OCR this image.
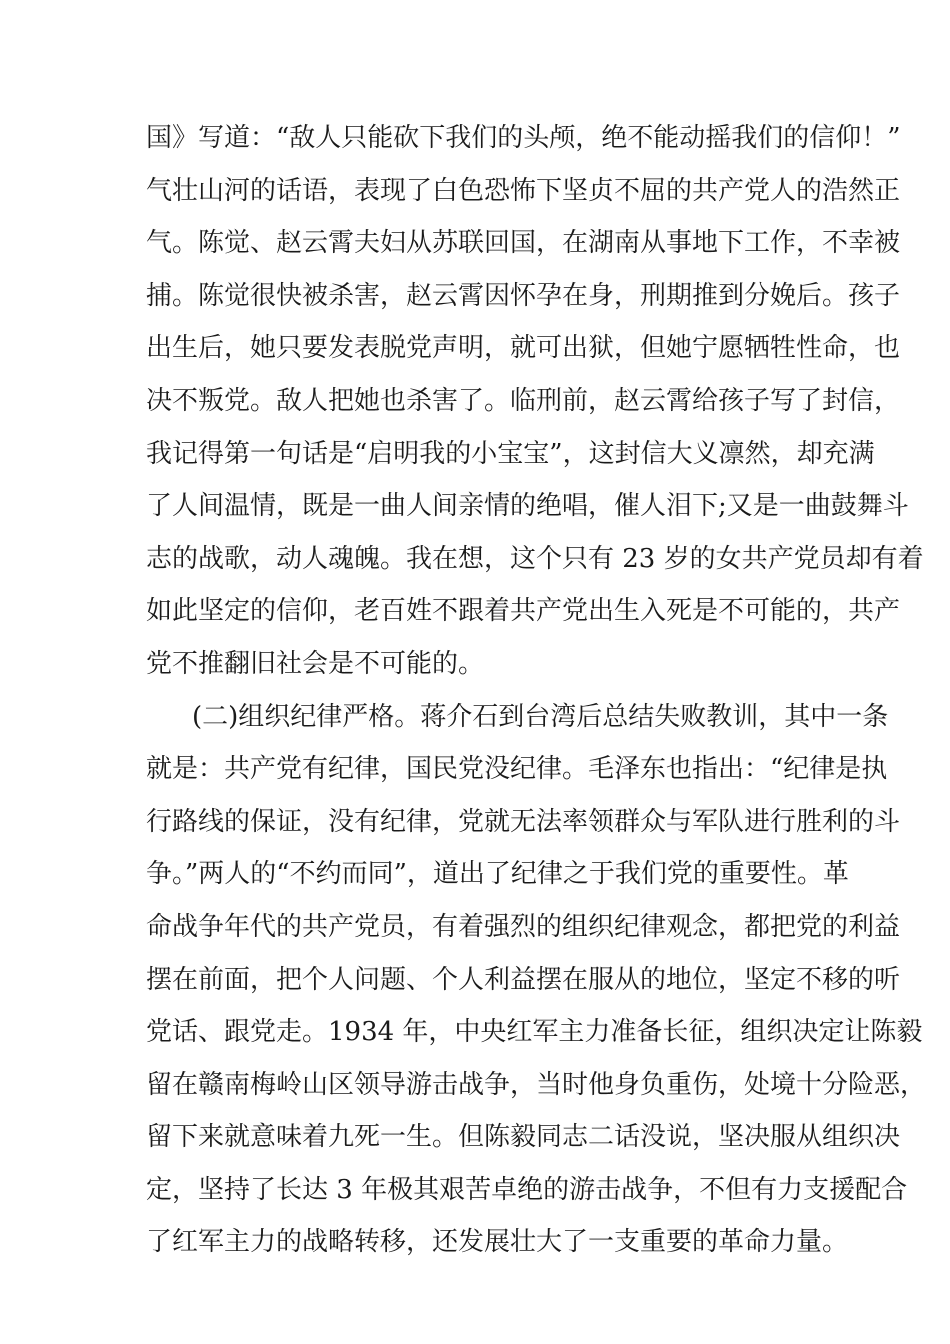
国》写道：“敌人只能砍下我们的头颅，绝不能动摇我们的信仰！”
气壮山河的话语，表现了白色恐怖下坚贞不屈的共产党人的浩然正
气。陈觉、赵云霄夫妇从苏联回国，在湖南从事地下工作，不幸被
捕。陈觉很快被杀害，赵云霄因怀孕在身，刑期推到分娩后。孩子
出生后，她只要发表脱党声明，就可出狱，但她宁愿牺牲性命，也
决不叛党。敌人把她也杀害了。临刑前，赵云霄给孩子写了封信，
我记得第一句话是“启明我的小宝宝”，这封信大义凛然，却充满
了人间温情，既是一曲人间亲情的绝唱，催人泪下;又是一曲鼓舞斗
志的战歌，动人魂魄。我在想，这个只有 23 岁的女共产党员却有着
如此坚定的信仰，老百姓不跟着共产党出生入死是不可能的，共产
党不推翻旧社会是不可能的。
(二)组织纪律严格。蒋介石到台湾后总结失败教训，其中一条
就是：共产党有纪律，国民党没纪律。毛泽东也指出：“纪律是执
行路线的保证，没有纪律，党就无法率领群众与军队进行胜利的斗
争。”两人的“不约而同”，道出了纪律之于我们党的重要性。革
命战争年代的共产党员，有着强烈的组织纪律观念，都把党的利益
摆在前面，把个人问题、个人利益摆在服从的地位，坚定不移的听
党话、跟党走。1934 年，中央红军主力准备长征，组织决定让陈毅
留在赣南梅岭山区领导游击战争，当时他身负重伤，处境十分险恶，
留下来就意味着九死一生。但陈毅同志二话没说，坚决服从组织决
定，坚持了长达 3 年极其艰苦卓绝的游击战争，不但有力支援配合
了红军主力的战略转移，还发展壮大了一支重要的革命力量。
